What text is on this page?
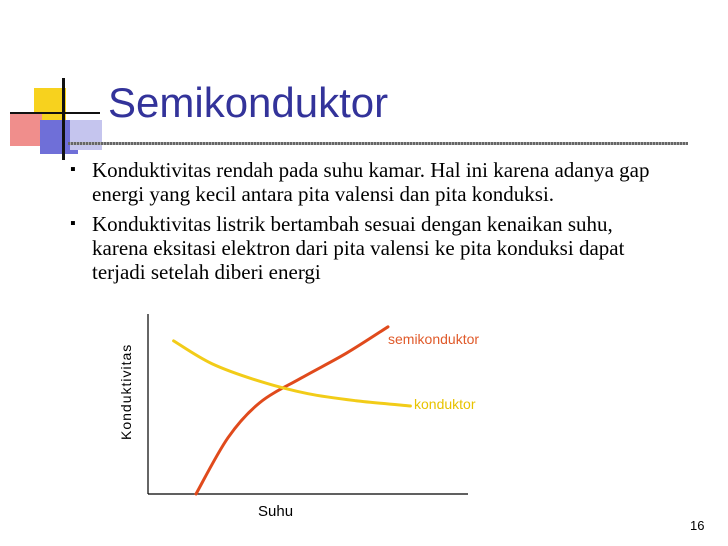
Semikonduktor
▪ Konduktivitas rendah pada suhu kamar. Hal ini karena adanya gap energi yang kecil antara pita valensi dan pita konduksi.
▪ Konduktivitas listrik bertambah sesuai dengan kenaikan suhu, karena eksitasi elektron dari pita valensi ke pita konduksi dapat terjadi setelah diberi energi
Konduktivitas
Suhu
semikonduktor
konduktor
16
